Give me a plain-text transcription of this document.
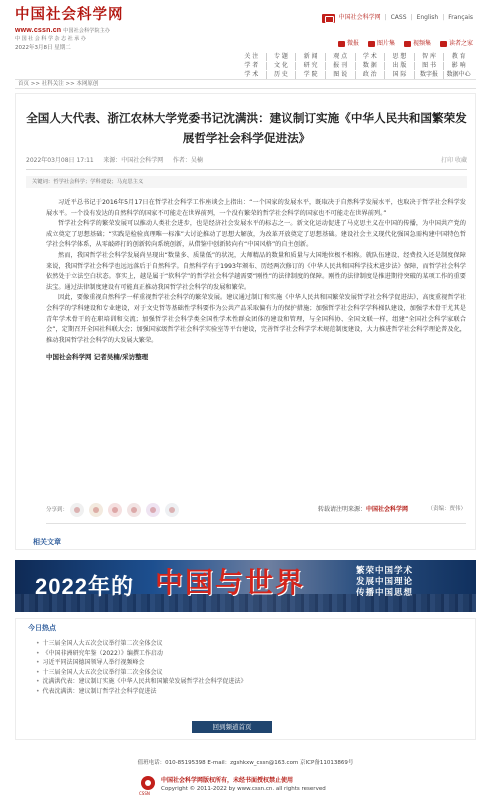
中国社会科学网
www.cssn.cn 中国社会科学院主办
中 国 社 会 科 学 杂 志 社 承 办
2022年3月8日 星期二
中国社会科学网 | CASS | English | Français
微报	图片集	视频集	读者之家
关 注	专 题	新 闻	观 点	学 术	思 想	智 库	教 育
学 者	文 化	研 究	报 刊	数 据	出 版	图 书	影 响
学 术	历 史	学 院	图 说	政 治	国 际	数字报	数据中心
首页 >> 社科关注 >> 本网原创
全国人大代表、浙江农林大学党委书记沈满洪：建议制订实施《中华人民共和国繁荣发展哲学社会科学促进法》
2022年03月08日 17:11 来源：中国社会科学网 作者：吴楠	打印 收藏
关键词：哲学社会科学；学科建设；马克思主义

习近平总书记于2016年5月17日在哲学社会科学工作座谈会上指出：“一个国家的发展水平，既取决于自然科学发展水平，也取决于哲学社会科学发展水平。一个没有发达的自然科学的国家不可能走在世界前列，一个没有繁荣的哲学社会科学的国家也不可能走在世界前列。”

哲学社会科学的繁荣发展可以推动人类社会进步，也是经济社会发展水平的标志之一。新文化运动促进了马克思主义在中国的传播，为中国共产党的成立奠定了思想基础；“实践是检验真理唯一标准”大讨论推动了思想大解放，为改革开放奠定了思想基础。建设社会主义现代化强国急需构建中国特色哲学社会科学体系，从零敲碎打的创新转向系统创新，从借鉴中创新转向有“中国风格”的自主创新。

然而，我国哲学社会科学发展尚呈现出“数量多、质量低”的状况，大师精品的数量和质量与大国地位极不相称。就队伍建设、经费投入还是制度保障来说，我国哲学社会科学也远远落后于自然科学。自然科学有于1993年颁布、历经两次修订的《中华人民共和国科学技术进步法》保障，而哲学社会科学依然处于立法空白状态。事实上，越是属于“软科学”的哲学社会科学越需要“刚性”的法律制度的保障。刚性的法律制度是推进期待突破的某项工作的重要法宝。通过法律制度建设有可能真正推动我国哲学社会科学的发展和繁荣。

因此，要像重视自然科学一样重视哲学社会科学的繁荣发展。建议通过制订和实施《中华人民共和国繁荣发展哲学社会科学促进法》，高度重视哲学社会科学的学科建设和专业建设，对于文史哲等基础性学科要作为公共产品采取偏有力的保护措施；加强哲学社会科学学科梯队建设，加强学术骨干尤其是青年学术骨干的在职培训和交流；加强哲学社会科学类全国性学术性群众团体的建设和管理，与全国科协、全国文联一样，组建“全国社会科学家联合会”，定期召开全国社科联大会；加强国家级哲学社会科学实验室等平台建设，完善哲学社会科学学术规范制度建设，大力推进哲学社会科学理论普及化，推动我国哲学社会科学的大发展大繁荣。

中国社会科学网 记者吴楠/采访整理

分享到：	转载请注明来源：中国社会科学网	（责编：贾伟）
相关文章
2022年的 中国与世界	繁荣中国学术
发展中国理论
传播中国思想
今日热点
• 十三届全国人大五次会议举行第二次全体会议
• 《中国非洲研究年鉴（2022）》编撰工作启动
• 习近平同法国德国领导人举行视频峰会
• 十三届全国人大五次会议举行第二次全体会议
• 沈满洪代表：建议制订实施《中华人民共和国繁荣发展哲学社会科学促进法》
• 代表沈满洪：建议制订哲学社会科学促进法
回到频道首页
值班电话：010-85195398 E-mail：zgshkxw_cssn@163.com 京ICP备11013869号
CSSN
中国社会科学网版权所有，未经书面授权禁止使用
Copyright © 2011-2022 by www.cssn.cn. all rights reserved
